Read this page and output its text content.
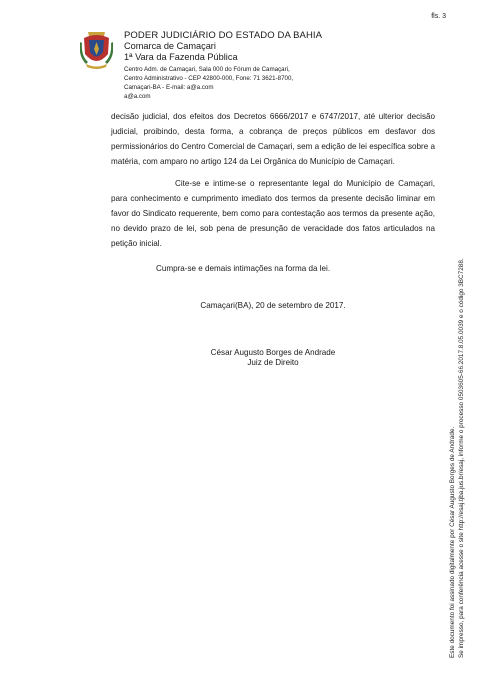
fls. 3
PODER JUDICIÁRIO DO ESTADO DA BAHIA
Comarca de Camaçari
1ª Vara da Fazenda Pública
Centro Adm. de Camaçari, Sala 000 do Fórum de Camaçari,
Centro Administrativo - CEP 42800-000, Fone: 71 3621-8700,
Camaçari-BA - E-mail: a@a.com
a@a.com

decisão judicial, dos efeitos dos Decretos 6666/2017 e 6747/2017, até ulterior decisão judicial, proibindo, desta forma, a cobrança de preços públicos em desfavor dos permissionários do Centro Comercial de Camaçari, sem a edição de lei específica sobre a matéria, com amparo no artigo 124 da Lei Orgânica do Município de Camaçari.

Cite-se e intime-se o representante legal do Município de Camaçari, para conhecimento e cumprimento imediato dos termos da presente decisão liminar em favor do Sindicato requerente, bem como para contestação aos termos da presente ação, no devido prazo de lei, sob pena de presunção de veracidade dos fatos articulados na petição inicial.

Cumpra-se e demais intimações na forma da lei.

Camaçari(BA), 20 de setembro de 2017.

César Augusto Borges de Andrade

Juiz de Direito

Este documento foi assinado digitalmente por César Augusto Borges de Andrade. Se impresso, para conferência acesse o site http://esaj.tjba.jus.br/esaj, informe o processo 0503605-66.2017.8.05.0039 e o código 3BC7288.
